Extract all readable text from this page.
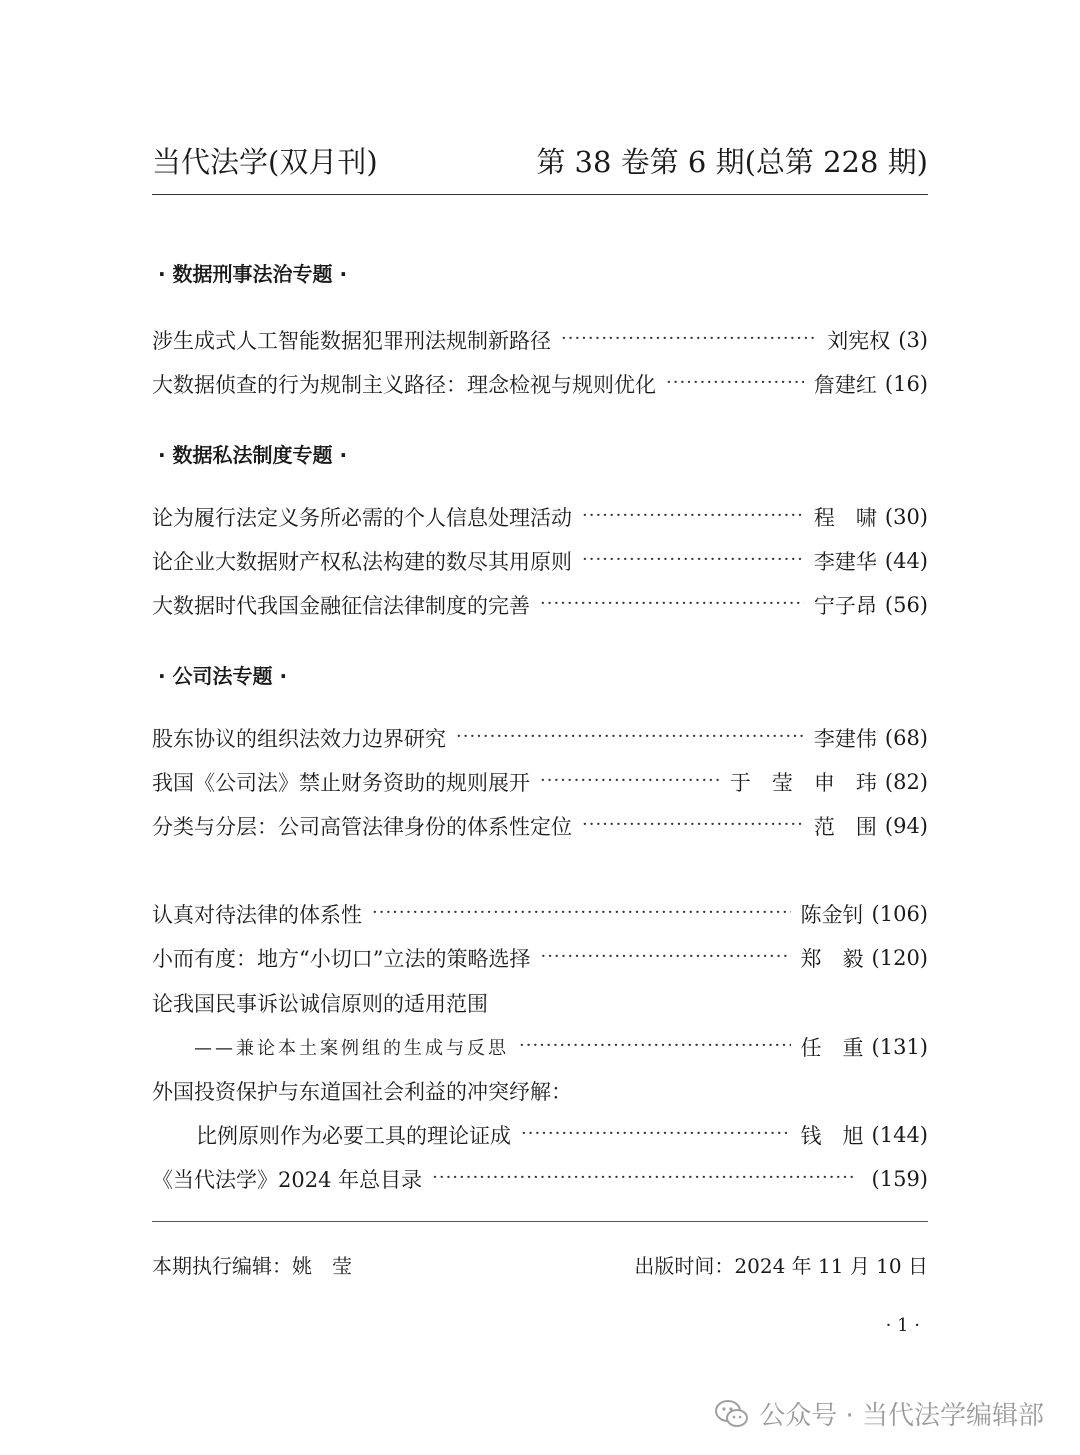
当代法学(双月刊)	第 38 卷第 6 期(总第 228 期)
· 数据刑事法治专题 ·
涉生成式人工智能数据犯罪刑法规制新路径 ·····	刘宪权 (3)
大数据侦查的行为规制主义路径：理念检视与规则优化 ·····	詹建红 (16)
· 数据私法制度专题 ·
论为履行法定义务所必需的个人信息处理活动 ·····	程　啸 (30)
论企业大数据财产权私法构建的数尽其用原则 ·····	李建华 (44)
大数据时代我国金融征信法律制度的完善 ·····	宁子昂 (56)
· 公司法专题 ·
股东协议的组织法效力边界研究 ·····	李建伟 (68)
我国《公司法》禁止财务资助的规则展开 ·····	于　莹　申　玮 (82)
分类与分层：公司高管法律身份的体系性定位 ·····	范　围 (94)
认真对待法律的体系性 ·····	陈金钊 (106)
小而有度：地方“小切口”立法的策略选择 ·····	郑　毅 (120)
论我国民事诉讼诚信原则的适用范围
——兼论本土案例组的生成与反思 ·····	任　重 (131)
外国投资保护与东道国社会利益的冲突纾解：
比例原则作为必要工具的理论证成 ·····	钱　旭 (144)
《当代法学》2024 年总目录 ·····	(159)
本期执行编辑：姚　莹	出版时间：2024 年 11 月 10 日
· 1 ·
公众号 · 当代法学编辑部
